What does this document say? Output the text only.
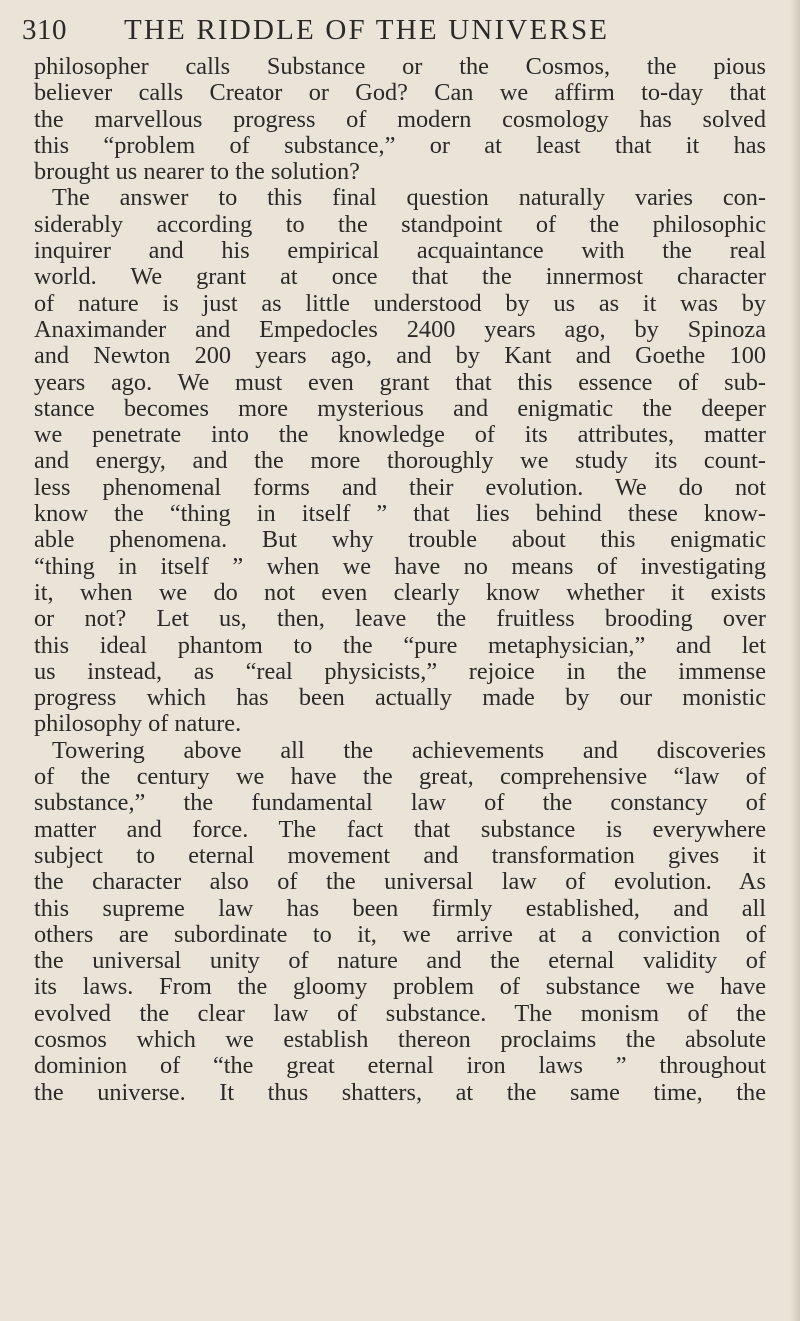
310 THE RIDDLE OF THE UNIVERSE
philosopher calls Substance or the Cosmos, the pious
believer calls Creator or God? Can we affirm to-day that
the marvellous progress of modern cosmology has solved
this “problem of substance,” or at least that it has
brought us nearer to the solution?
The answer to this final question naturally varies con-
siderably according to the standpoint of the philosophic
inquirer and his empirical acquaintance with the real
world. We grant at once that the innermost character
of nature is just as little understood by us as it was by
Anaximander and Empedocles 2400 years ago, by Spinoza
and Newton 200 years ago, and by Kant and Goethe 100
years ago. We must even grant that this essence of sub-
stance becomes more mysterious and enigmatic the deeper
we penetrate into the knowledge of its attributes, matter
and energy, and the more thoroughly we study its count-
less phenomenal forms and their evolution. We do not
know the “thing in itself ” that lies behind these know-
able phenomena. But why trouble about this enigmatic
“thing in itself ” when we have no means of investigating
it, when we do not even clearly know whether it exists
or not? Let us, then, leave the fruitless brooding over
this ideal phantom to the “pure metaphysician,” and let
us instead, as “real physicists,” rejoice in the immense
progress which has been actually made by our monistic
philosophy of nature.
Towering above all the achievements and discoveries
of the century we have the great, comprehensive “law of
substance,” the fundamental law of the constancy of
matter and force. The fact that substance is everywhere
subject to eternal movement and transformation gives it
the character also of the universal law of evolution. As
this supreme law has been firmly established, and all
others are subordinate to it, we arrive at a conviction of
the universal unity of nature and the eternal validity of
its laws. From the gloomy problem of substance we have
evolved the clear law of substance. The monism of the
cosmos which we establish thereon proclaims the absolute
dominion of “the great eternal iron laws ” throughout
the universe. It thus shatters, at the same time, the
